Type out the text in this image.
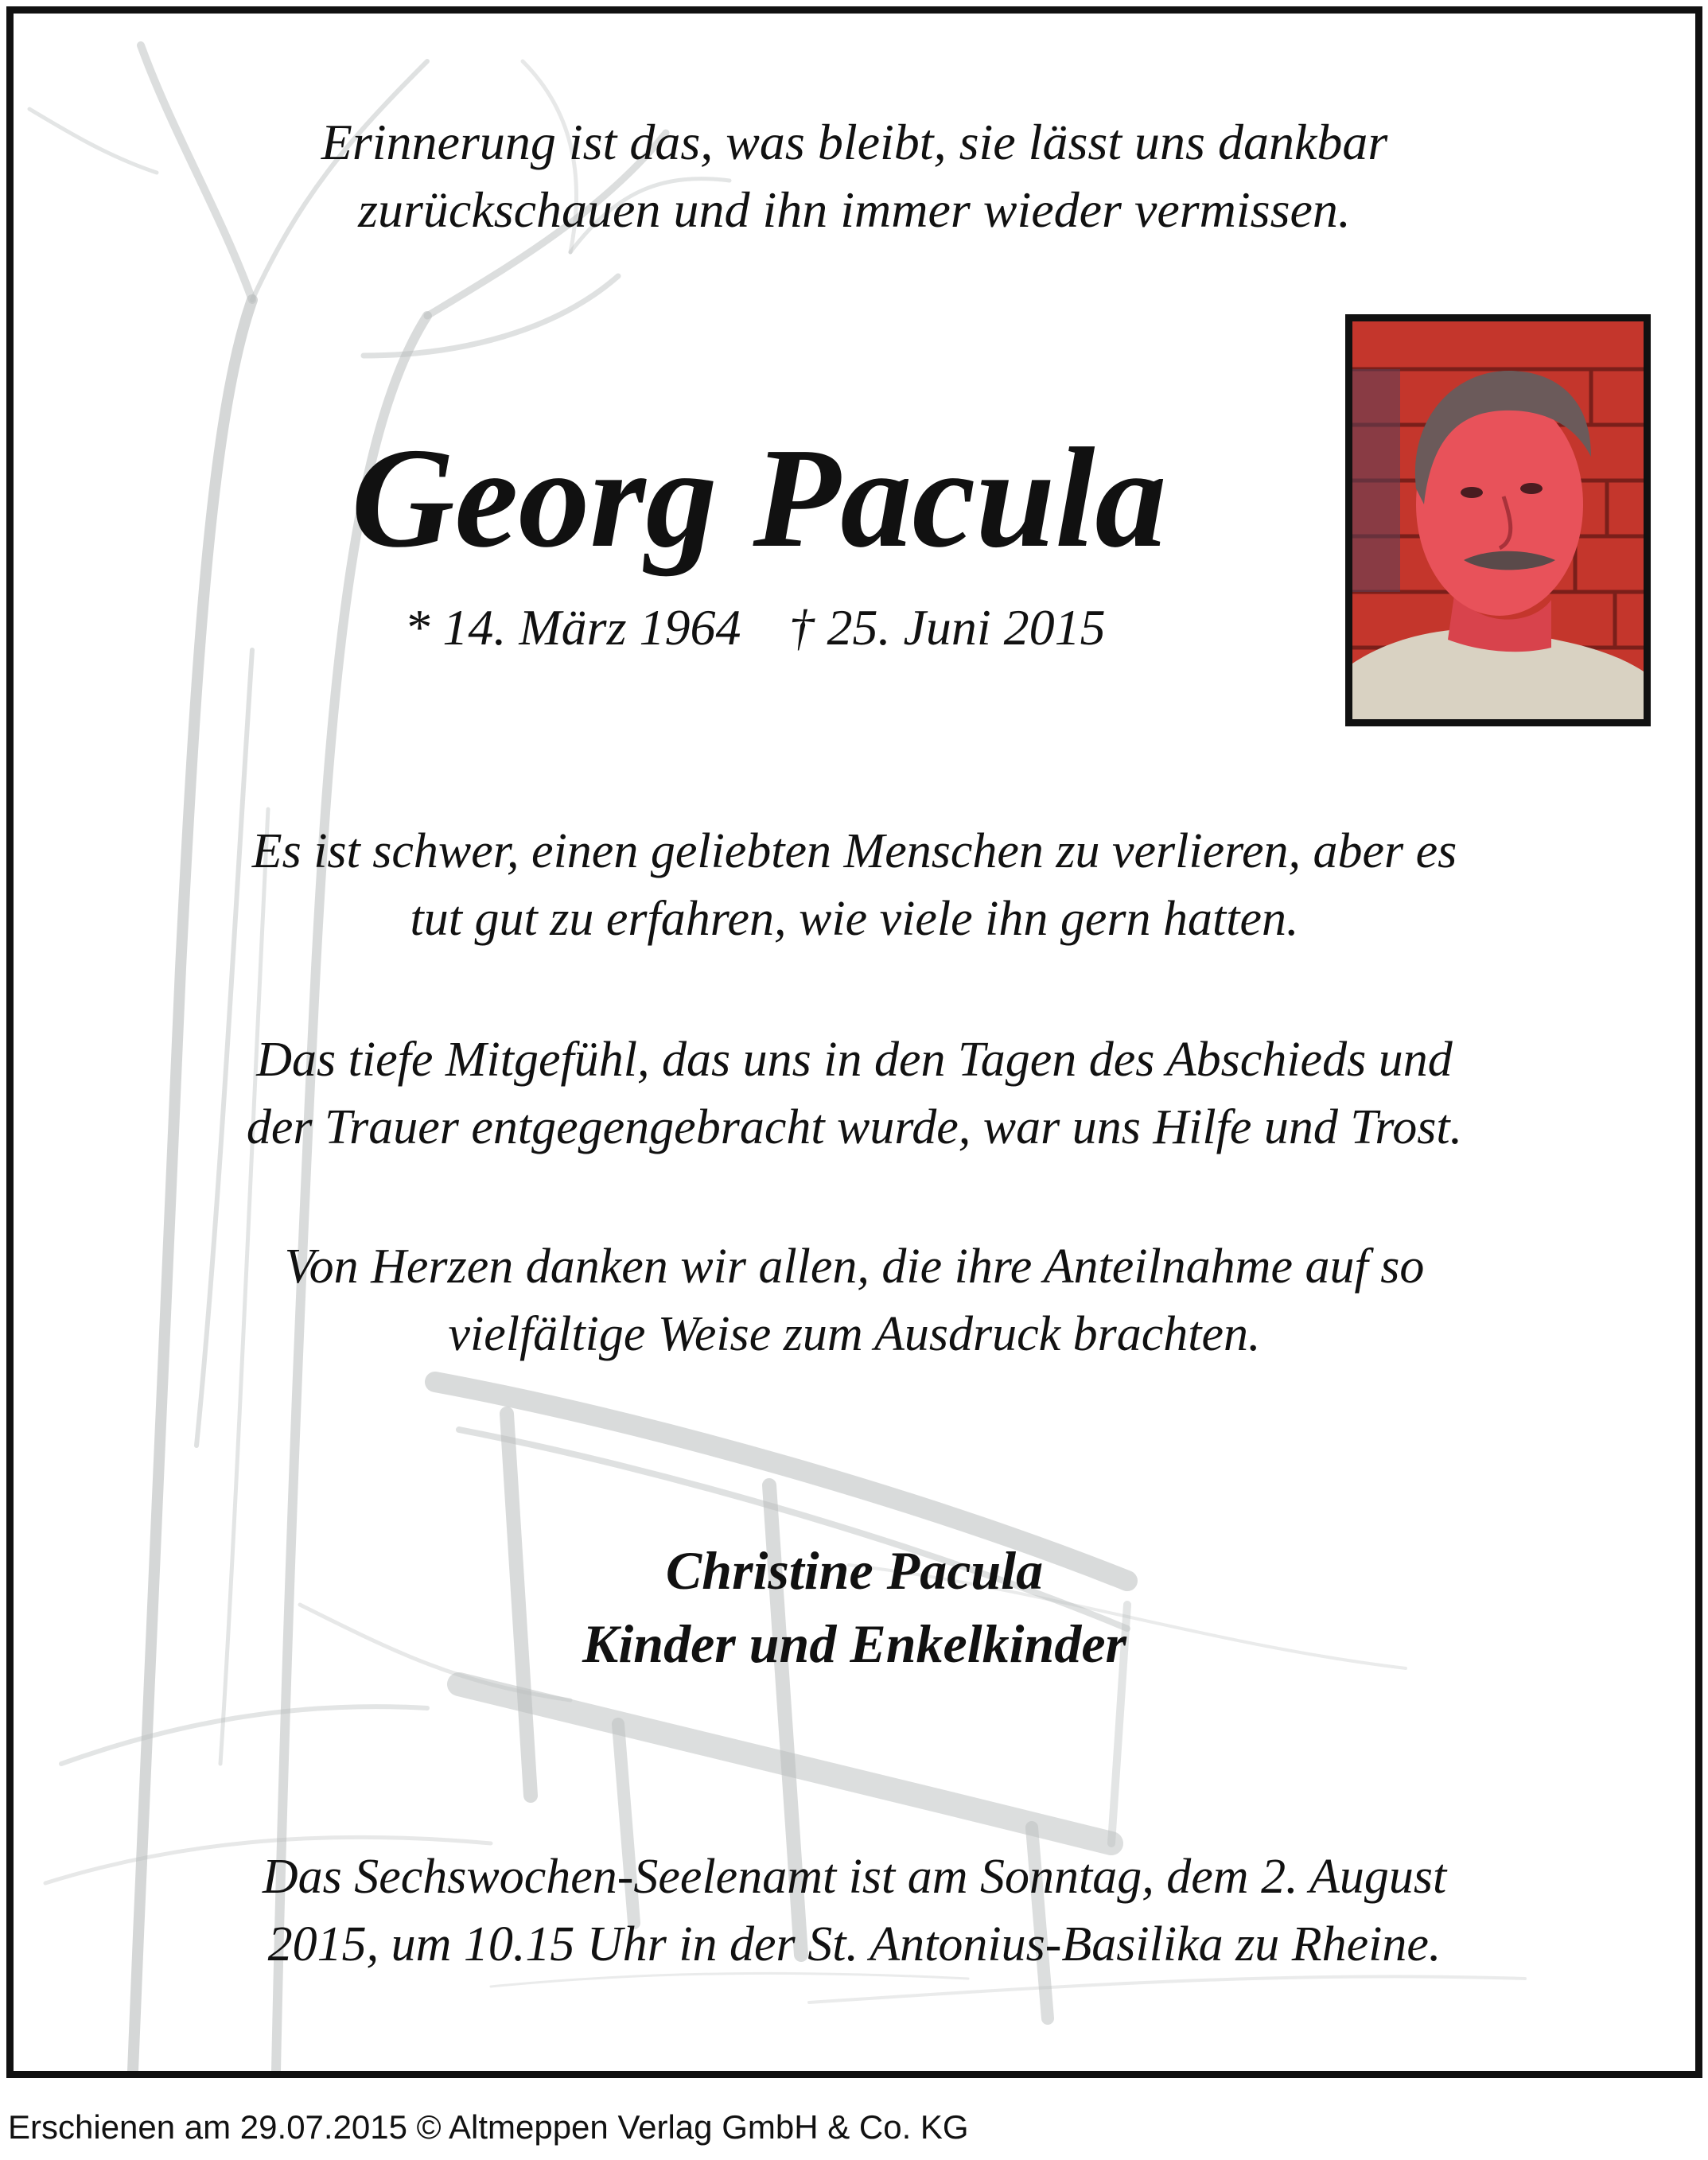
Erinnerung ist das, was bleibt, sie lässt uns dankbar
zurückschauen und ihn immer wieder vermissen.
Georg Pacula
* 14. März 1964 † 25. Juni 2015
Es ist schwer, einen geliebten Menschen zu verlieren, aber es
tut gut zu erfahren, wie viele ihn gern hatten.
Das tiefe Mitgefühl, das uns in den Tagen des Abschieds und
der Trauer entgegengebracht wurde, war uns Hilfe und Trost.
Von Herzen danken wir allen, die ihre Anteilnahme auf so
vielfältige Weise zum Ausdruck brachten.
Christine Pacula
Kinder und Enkelkinder
Das Sechswochen-Seelenamt ist am Sonntag, dem 2. August
2015, um 10.15 Uhr in der St. Antonius-Basilika zu Rheine.
Erschienen am 29.07.2015 © Altmeppen Verlag GmbH & Co. KG
